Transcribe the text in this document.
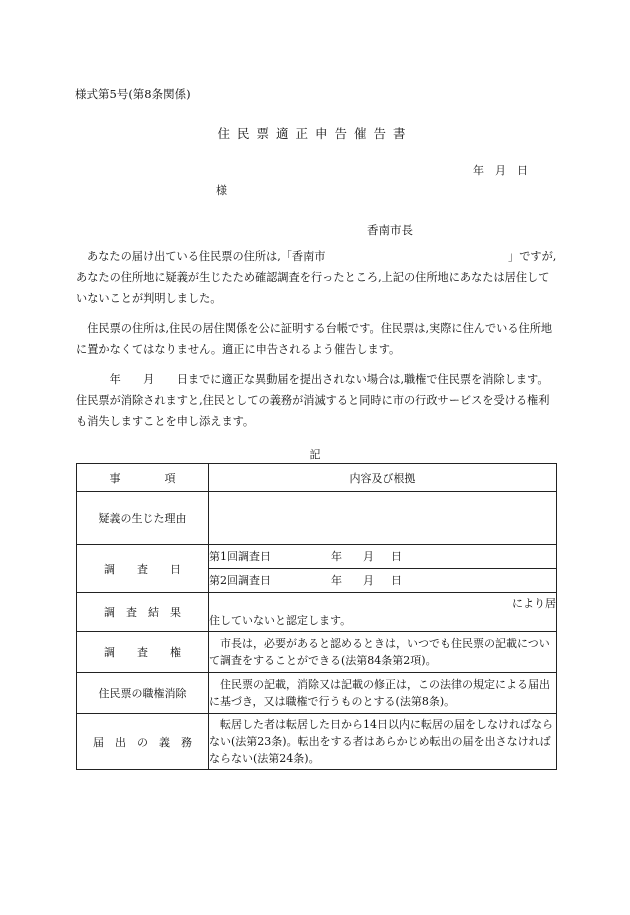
様式第5号(第8条関係)
住民票適正申告催告書
年　月　日
様
香南市長
あなたの届け出ている住民票の住所は,「香南市	」ですが,
あなたの住所地に疑義が生じたため確認調査を行ったところ,上記の住所地にあなたは居住していないことが判明しました。
住民票の住所は,住民の居住関係を公に証明する台帳です。住民票は,実際に住んでいる住所地に置かなくてはなりません。適正に申告されるよう催告します。
　　　年　　月　　日までに適正な異動届を提出されない場合は,職権で住民票を消除します。住民票が消除されますと,住民としての義務が消滅すると同時に市の行政サービスを受ける権利も消失しますことを申し添えます。
記
事　　　　項	内容及び根拠
疑義の生じた理由	
調　　査　　日	第1回調査日 年 月 日
	第2回調査日 年 月 日
調　査　結　果	により居
住していないと認定します。

調　　査　　権	市長は，必要があると認めるときは，いつでも住民票の記載について調査をすることができる(法第84条第2項)。
住民票の職権消除	住民票の記載，消除又は記載の修正は，この法律の規定による届出に基づき，又は職権で行うものとする(法第8条)。
届　出　の　義　務	転居した者は転居した日から14日以内に転居の届をしなければならない(法第23条)。転出をする者はあらかじめ転出の届を出さなければならない(法第24条)。
